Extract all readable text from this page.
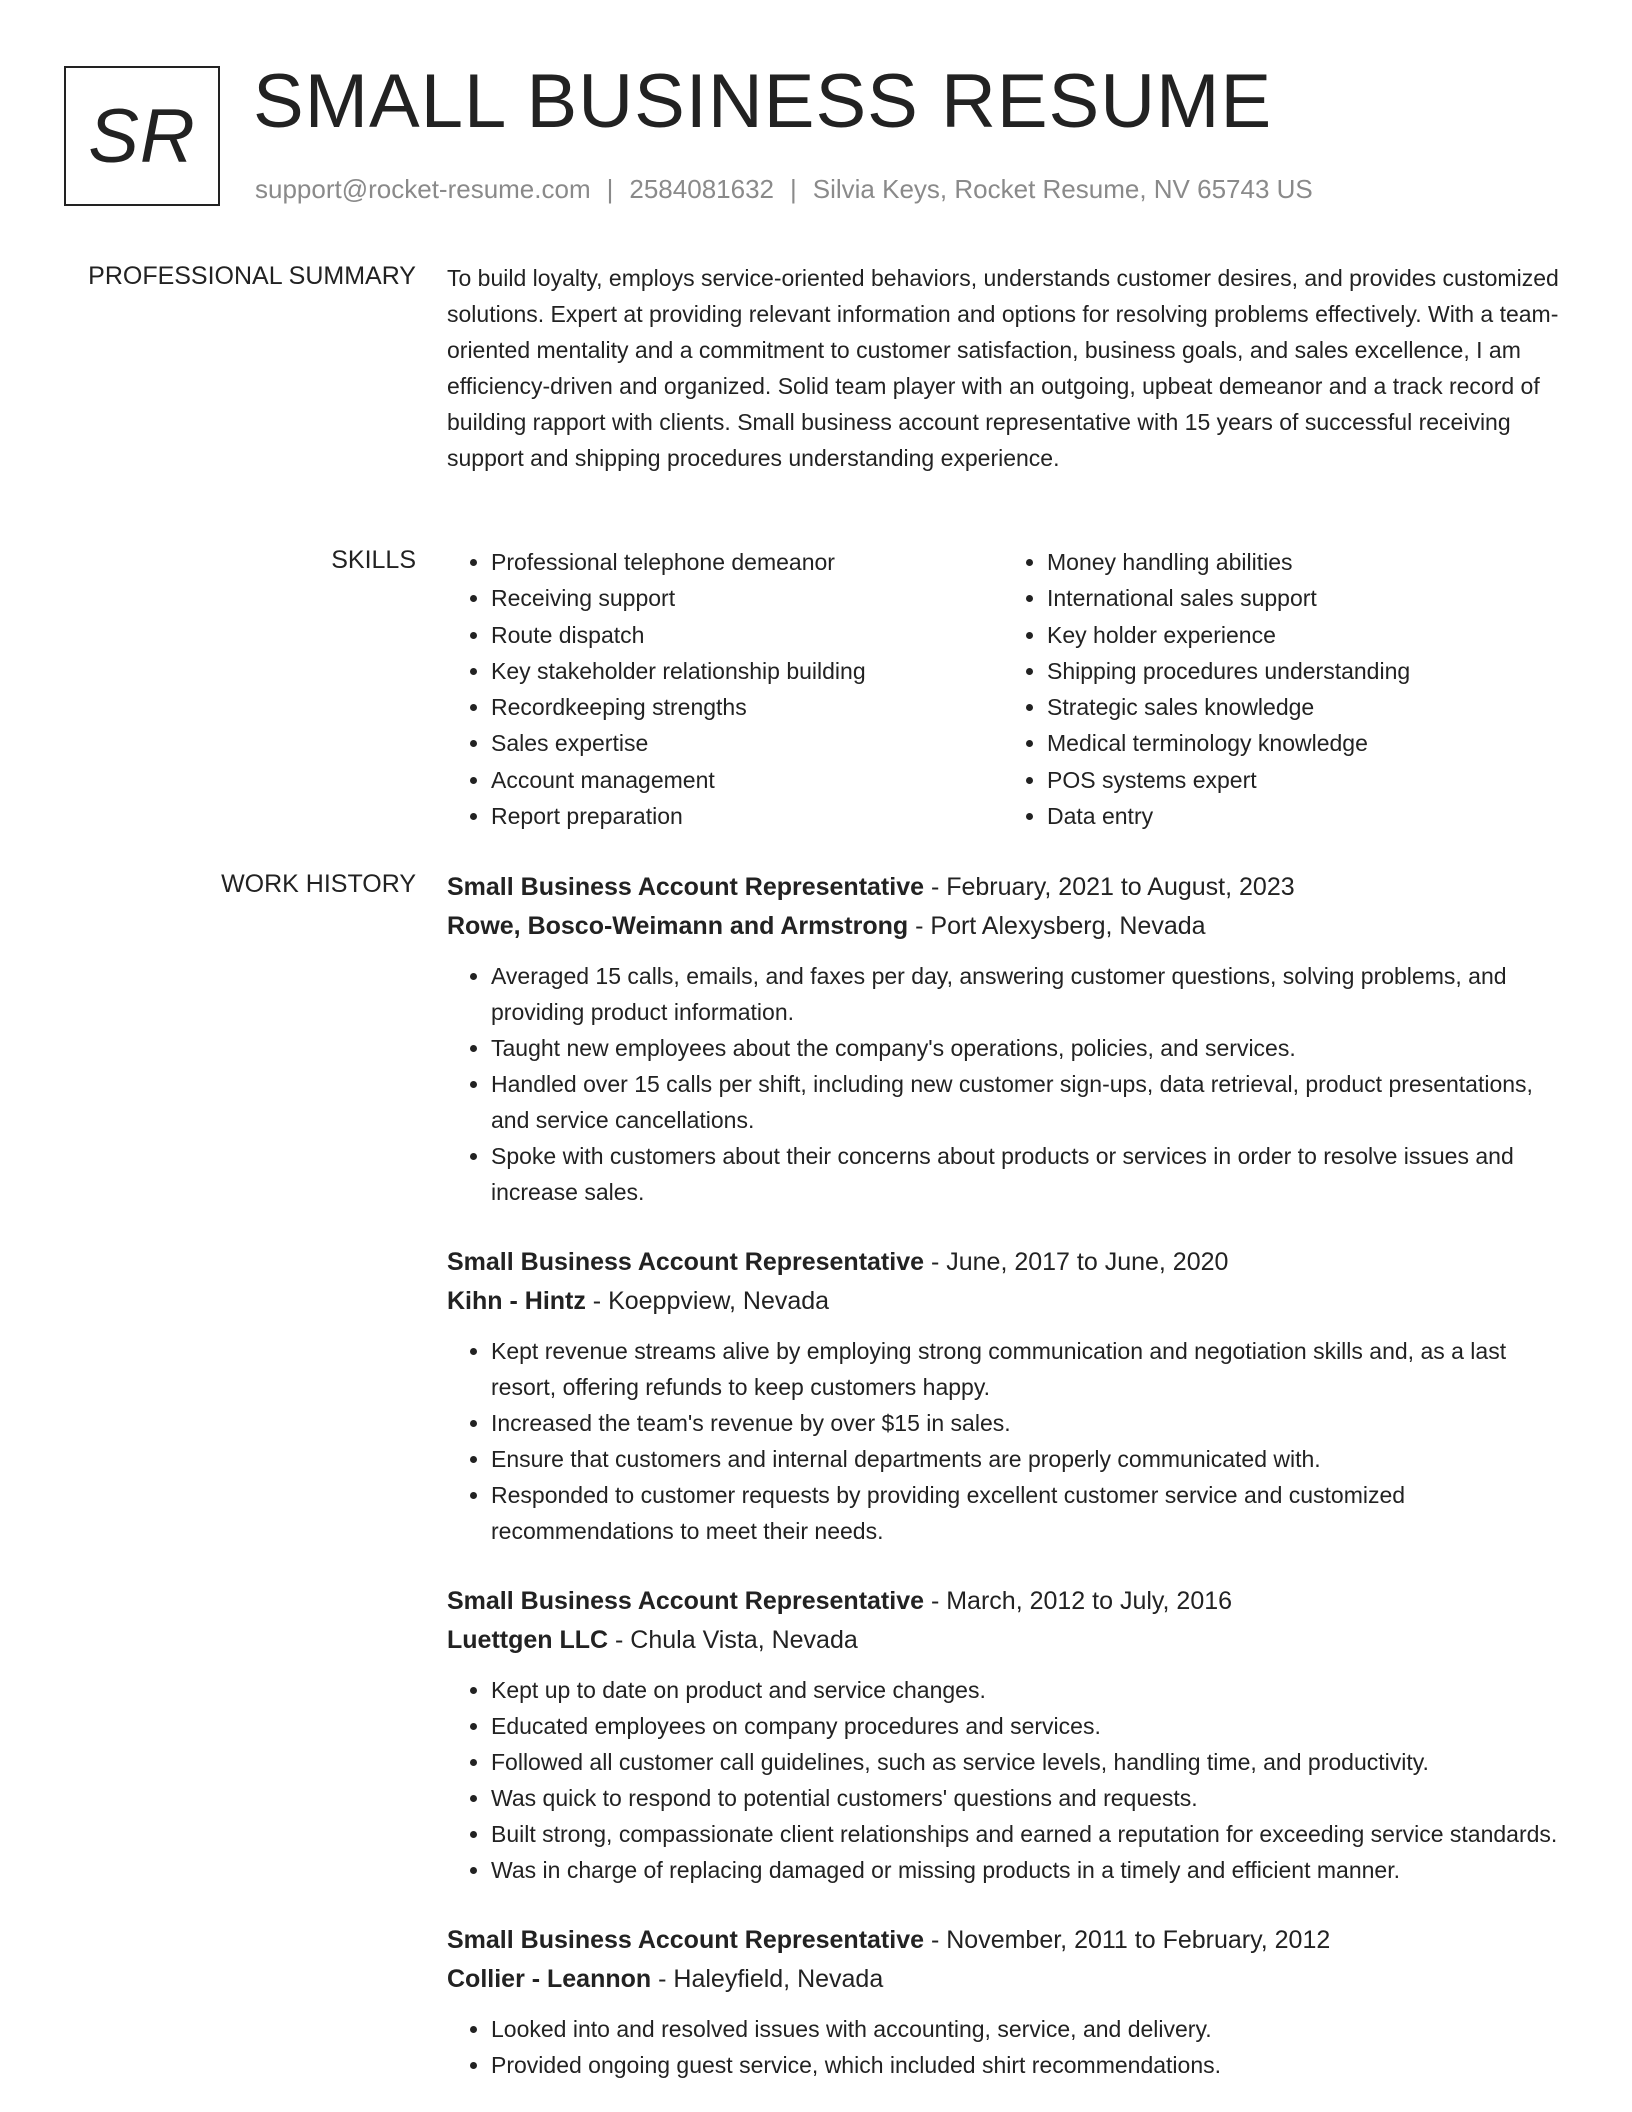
SR SMALL BUSINESS RESUME
support@rocket-resume.com | 2584081632 | Silvia Keys, Rocket Resume, NV 65743 US
PROFESSIONAL SUMMARY To build loyalty, employs service-oriented behaviors, understands customer desires, and provides customized solutions. Expert at providing relevant information and options for resolving problems effectively. With a team-oriented mentality and a commitment to customer satisfaction, business goals, and sales excellence, I am efficiency-driven and organized. Solid team player with an outgoing, upbeat demeanor and a track record of building rapport with clients. Small business account representative with 15 years of successful receiving support and shipping procedures understanding experience.

SKILLS
•	Professional telephone demeanor
• Receiving support
• Route dispatch
• Key stakeholder relationship building
• Recordkeeping strengths
• Sales expertise
• Account management
• Report preparation
• Money handling abilities
• International sales support
• Key holder experience
• Shipping procedures understanding
• Strategic sales knowledge
• Medical terminology knowledge
• POS systems expert
• Data entry
WORK HISTORY Small Business Account Representative - February, 2021 to August, 2023
Rowe, Bosco-Weimann and Armstrong - Port Alexysberg, Nevada
• Averaged 15 calls, emails, and faxes per day, answering customer questions, solving problems, and providing product information.
• Taught new employees about the company's operations, policies, and services.
• Handled over 15 calls per shift, including new customer sign-ups, data retrieval, product presentations, and service cancellations.
• Spoke with customers about their concerns about products or services in order to resolve issues and increase sales.
Small Business Account Representative - June, 2017 to June, 2020
Kihn - Hintz - Koeppview, Nevada
• Kept revenue streams alive by employing strong communication and negotiation skills and, as a last resort, offering refunds to keep customers happy.
• Increased the team's revenue by over $15 in sales.
• Ensure that customers and internal departments are properly communicated with.
• Responded to customer requests by providing excellent customer service and customized recommendations to meet their needs.
Small Business Account Representative - March, 2012 to July, 2016
Luettgen LLC - Chula Vista, Nevada
• Kept up to date on product and service changes.
• Educated employees on company procedures and services.
• Followed all customer call guidelines, such as service levels, handling time, and productivity.
• Was quick to respond to potential customers' questions and requests.
• Built strong, compassionate client relationships and earned a reputation for exceeding service standards.
• Was in charge of replacing damaged or missing products in a timely and efficient manner.
Small Business Account Representative - November, 2011 to February, 2012
Collier - Leannon - Haleyfield, Nevada
• Looked into and resolved issues with accounting, service, and delivery.
• Provided ongoing guest service, which included shirt recommendations.
